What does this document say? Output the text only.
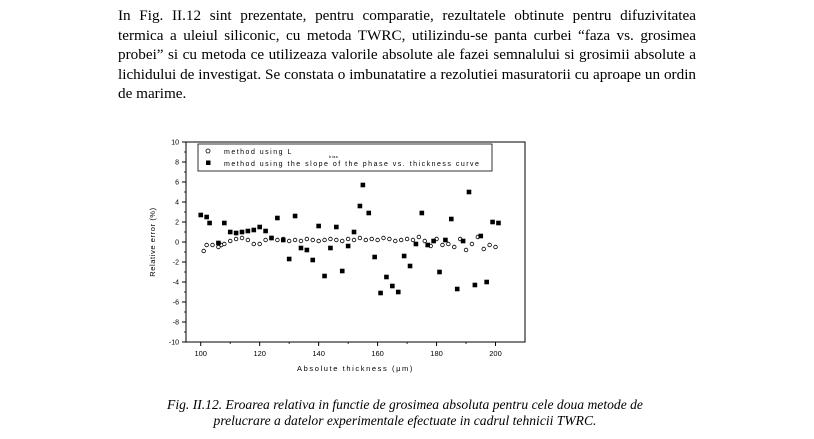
In Fig. II.12 sint prezentate, pentru comparatie, rezultatele obtinute pentru difuzivitatea termica a uleiul siliconic, cu metoda TWRC, utilizindu-se panta curbei “faza vs. grosimea probei” si cu metoda ce utilizeaza valorile absolute ale fazei semnalului si grosimii absolute a lichidului de investigat. Se constata o imbunatatire a rezolutiei masuratorii cu aproape un ordin de marime.

-10
-8
-6
-4
-2
0
2
4
6
8
10
100	120	140	160	180	200
Absolute thickness (μm)
Relative error (%)
method using L
bias
method using the slope of the phase vs. thickness curve

Fig. II.12. Eroarea relativa in functie de grosimea absoluta pentru cele doua metode de
prelucrare a datelor experimentale efectuate in cadrul tehnicii TWRC.
